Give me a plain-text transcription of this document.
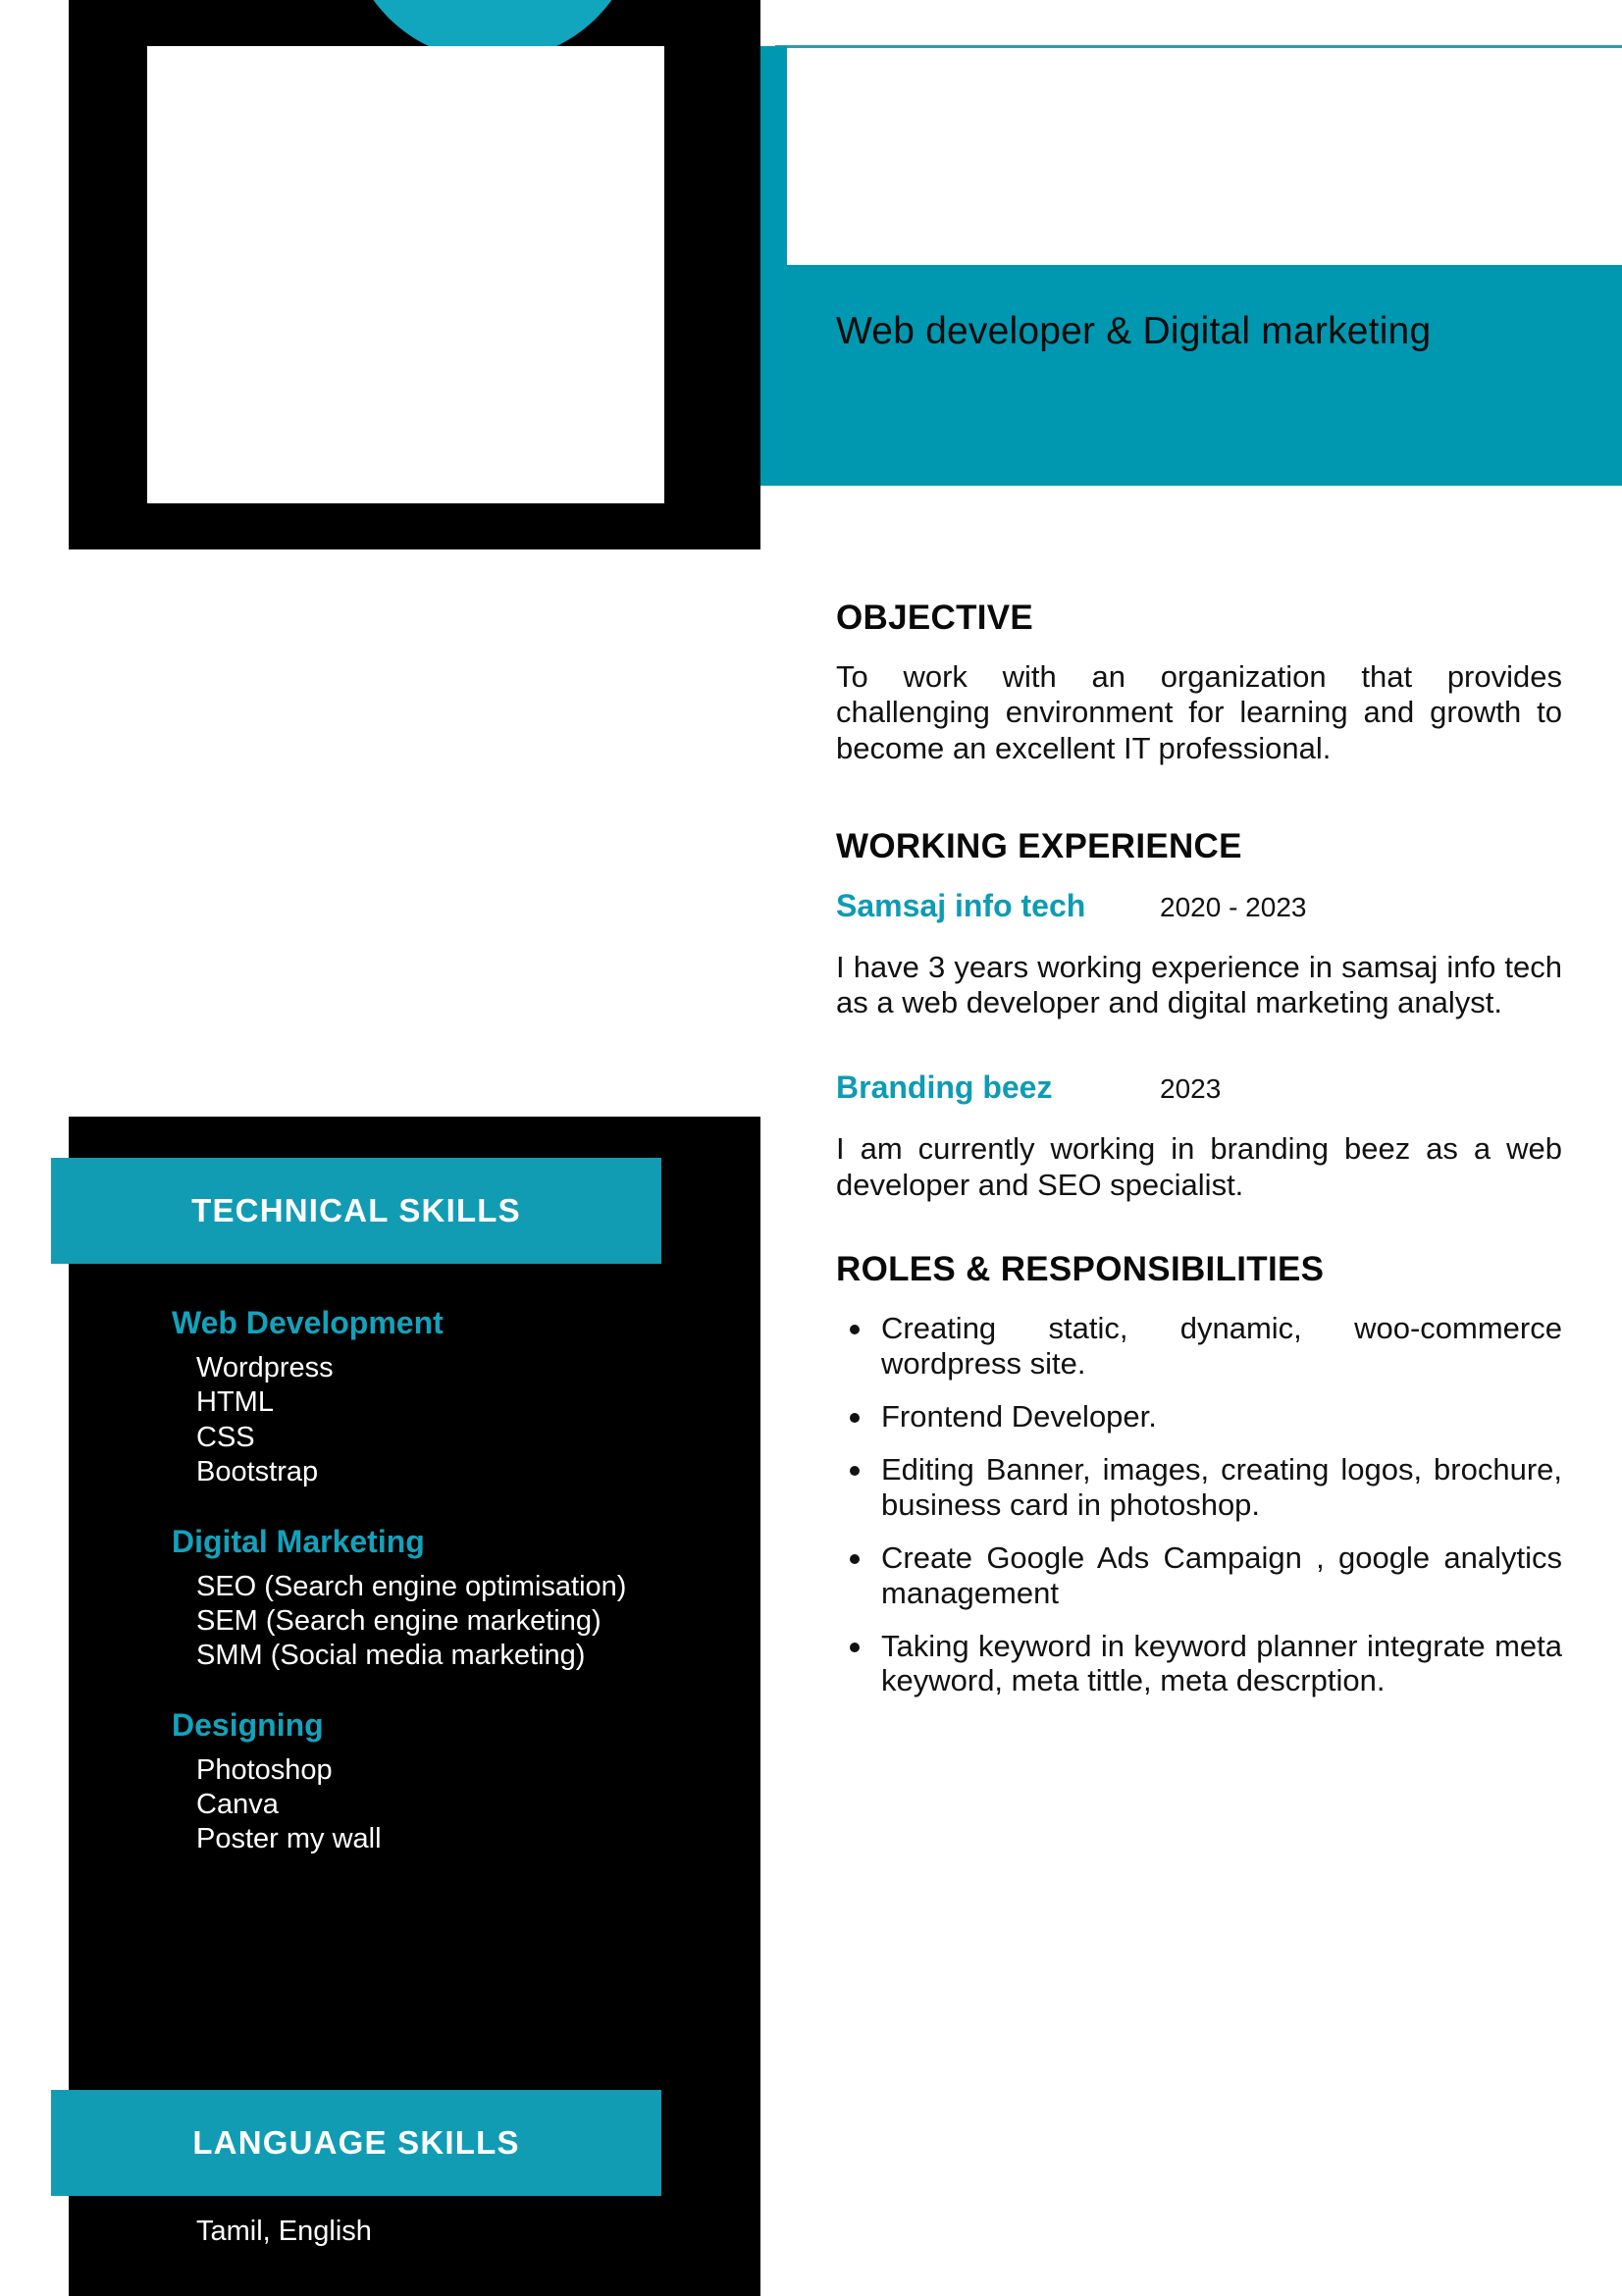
Web developer & Digital marketing
OBJECTIVE

To work with an organization that provides challenging environment for learning and growth to become an excellent IT professional.

WORKING EXPERIENCE
Samsaj info tech	2020 - 2023

I have 3 years working experience in samsaj info tech as a web developer and digital marketing analyst.

Branding beez	2023

I am currently working in branding beez as a web developer and SEO specialist.

ROLES & RESPONSIBILITIES
Creating static, dynamic, woo-commerce wordpress site.
Frontend Developer.
Editing Banner, images, creating logos, brochure, business card in photoshop.
Create Google Ads Campaign , google analytics management
Taking keyword in keyword planner integrate meta keyword, meta tittle, meta descrption.
TECHNICAL SKILLS
Web Development
Wordpress
HTML
CSS
Bootstrap
Digital Marketing
SEO (Search engine optimisation)
SEM (Search engine marketing)
SMM (Social media marketing)
Designing
Photoshop
Canva
Poster my wall
LANGUAGE SKILLS
Tamil, English
